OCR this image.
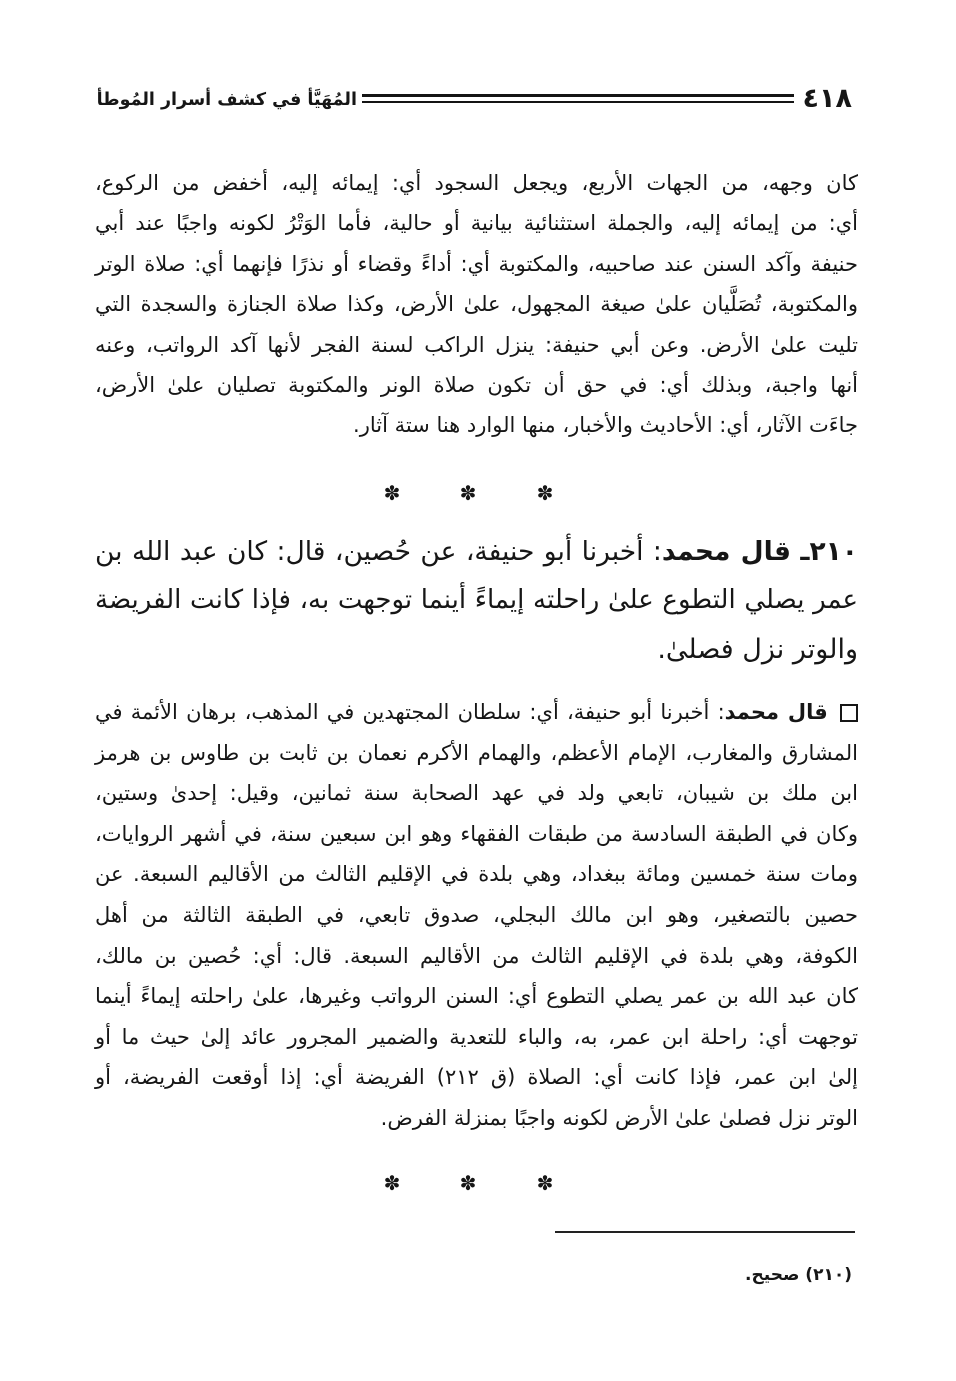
٤١٨
المُهَيَّأ في كشف أسرار المُوطأ
كان وجهه، من الجهات الأربع، ويجعل السجود أي: إيمائه إليه، أخفض من الركوع،
أي: من إيمائه إليه، والجملة استثنائية بيانية أو حالية، فأما الوَتْرُ لكونه واجبًا عند أبي
حنيفة وآكد السنن عند صاحبيه، والمكتوبة أي: أداءً وقضاء أو نذرًا فإنهما أي: صلاة الوتر
والمكتوبة، تُصَلَّيان علىٰ صيغة المجهول، علىٰ الأرض، وكذا صلاة الجنازة والسجدة التي
تليت علىٰ الأرض. وعن أبي حنيفة: ينزل الراكب لسنة الفجر لأنها آكد الرواتب، وعنه
أنها واجبة، وبذلك أي: في حق أن تكون صلاة الونر والمكتوبة تصليان علىٰ الأرض،
جاءَت الآثار، أي: الأحاديث والأخبار، منها الوارد هنا ستة آثار.
✽	✽	✽
٢١٠ـ قال محمد: أخبرنا أبو حنيفة، عن حُصين، قال: كان عبد الله بن
عمر يصلي التطوع علىٰ راحلته إيماءً أينما توجهت به، فإذا كانت الفريضة
والوتر نزل فصلىٰ.
قال محمد: أخبرنا أبو حنيفة، أي: سلطان المجتهدين في المذهب، برهان الأئمة في
المشارق والمغارب، الإمام الأعظم، والهمام الأكرم نعمان بن ثابت بن طاوس بن هرمز
ابن ملك بن شيبان، تابعي ولد في عهد الصحابة سنة ثمانين، وقيل: إحدىٰ وستين،
وكان في الطبقة السادسة من طبقات الفقهاء وهو ابن سبعين سنة، في أشهر الروايات،
ومات سنة خمسين ومائة ببغداد، وهي بلدة في الإقليم الثالث من الأقاليم السبعة. عن
حصين بالتصغير، وهو ابن مالك البجلي، صدوق تابعي، في الطبقة الثالثة من أهل
الكوفة، وهي بلدة في الإقليم الثالث من الأقاليم السبعة. قال: أي: حُصين بن مالك،
كان عبد الله بن عمر يصلي التطوع أي: السنن الرواتب وغيرها، علىٰ راحلته إيماءً أينما
توجهت أي: راحلة ابن عمر، به، والباء للتعدية والضمير المجرور عائد إلىٰ حيث ما أو
إلىٰ ابن عمر، فإذا كانت أي: الصلاة (ق ٢١٢) الفريضة أي: إذا أوقعت الفريضة، أو
الوتر نزل فصلىٰ علىٰ الأرض لكونه واجبًا بمنزلة الفرض.
✽	✽	✽
(٢١٠) صحيح.
